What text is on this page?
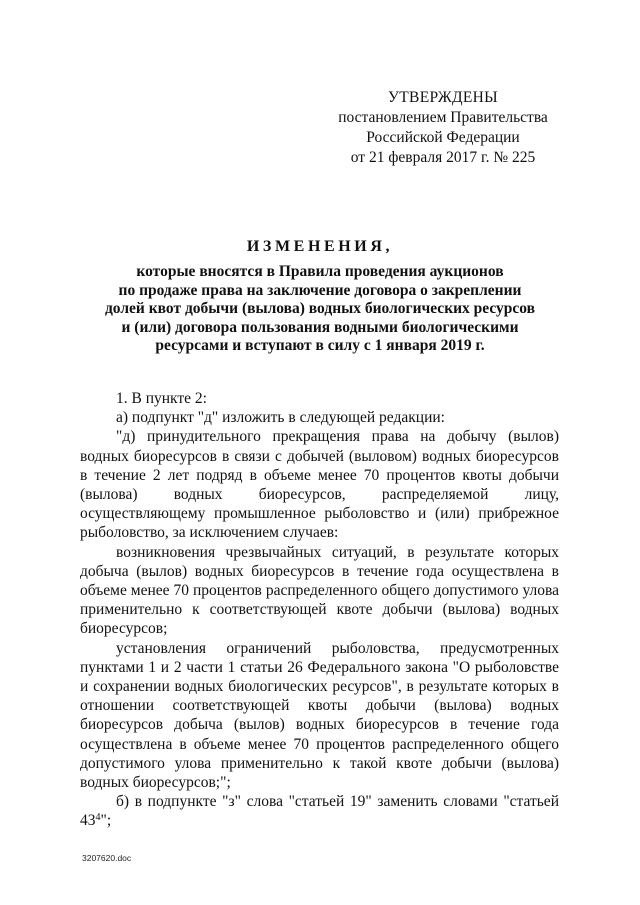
УТВЕРЖДЕНЫ
постановлением Правительства
Российской Федерации
от 21 февраля 2017 г. № 225
ИЗМЕНЕНИЯ,
которые вносятся в Правила проведения аукционов
по продаже права на заключение договора о закреплении
долей квот добычи (вылова) водных биологических ресурсов
и (или) договора пользования водными биологическими
ресурсами и вступают в силу с 1 января 2019 г.

1. В пункте 2:

а) подпункт "д" изложить в следующей редакции:

"д) принудительного прекращения права на добычу (вылов) водных биоресурсов в связи с добычей (выловом) водных биоресурсов в течение 2 лет подряд в объеме менее 70 процентов квоты добычи (вылова) водных биоресурсов, распределяемой лицу, осуществляющему промышленное рыболовство и (или) прибрежное рыболовство, за исключением случаев:

возникновения чрезвычайных ситуаций, в результате которых добыча (вылов) водных биоресурсов в течение года осуществлена в объеме менее 70 процентов распределенного общего допустимого улова применительно к соответствующей квоте добычи (вылова) водных биоресурсов;

установления ограничений рыболовства, предусмотренных пунктами 1 и 2 части 1 статьи 26 Федерального закона "О рыболовстве и сохранении водных биологических ресурсов", в результате которых в отношении соответствующей квоты добычи (вылова) водных биоресурсов добыча (вылов) водных биоресурсов в течение года осуществлена в объеме менее 70 процентов распределенного общего допустимого улова применительно к такой квоте добычи (вылова) водных биоресурсов;";

б) в подпункте "з" слова "статьей 19" заменить словами "статьей $43^4$";

3207620.doc
